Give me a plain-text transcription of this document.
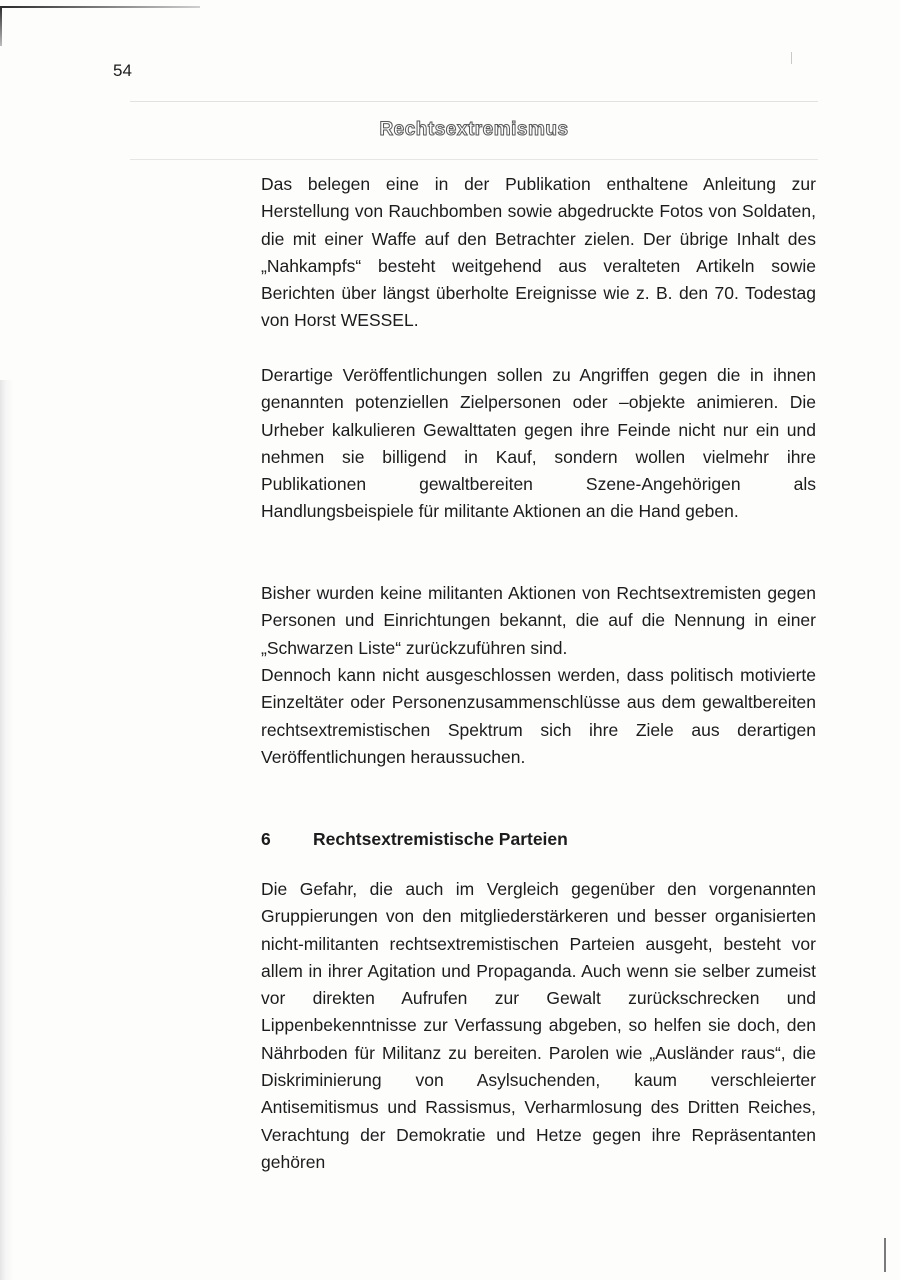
54
Rechtsextremismus

Das belegen eine in der Publikation enthaltene Anleitung zur Herstellung von Rauchbomben sowie abgedruckte Fotos von Soldaten, die mit einer Waffe auf den Betrachter zielen. Der übrige Inhalt des „Nahkampfs“ besteht weitgehend aus veralteten Artikeln sowie Berichten über längst überholte Ereignisse wie z. B. den 70. Todestag von Horst WESSEL.

Derartige Veröffentlichungen sollen zu Angriffen gegen die in ihnen genannten potenziellen Zielpersonen oder –objekte animieren. Die Urheber kalkulieren Gewalttaten gegen ihre Feinde nicht nur ein und nehmen sie billigend in Kauf, sondern wollen vielmehr ihre Publikationen gewaltbereiten Szene-Angehörigen als Handlungsbeispiele für militante Aktionen an die Hand geben.

Bisher wurden keine militanten Aktionen von Rechtsextremisten gegen Personen und Einrichtungen bekannt, die auf die Nennung in einer „Schwarzen Liste“ zurückzuführen sind.

Dennoch kann nicht ausgeschlossen werden, dass politisch motivierte Einzeltäter oder Personenzusammenschlüsse aus dem gewaltbereiten rechtsextremistischen Spektrum sich ihre Ziele aus derartigen Veröffentlichungen heraussuchen.

6 Rechtsextremistische Parteien

Die Gefahr, die auch im Vergleich gegenüber den vorgenannten Gruppierungen von den mitgliederstärkeren und besser organisierten nicht-militanten rechtsextremistischen Parteien ausgeht, besteht vor allem in ihrer Agitation und Propaganda. Auch wenn sie selber zumeist vor direkten Aufrufen zur Gewalt zurückschrecken und Lippenbekenntnisse zur Verfassung abgeben, so helfen sie doch, den Nährboden für Militanz zu bereiten. Parolen wie „Ausländer raus“, die Diskriminierung von Asylsuchenden, kaum verschleierter Antisemitismus und Rassismus, Verharmlosung des Dritten Reiches, Verachtung der Demokratie und Hetze gegen ihre Repräsentanten gehören
